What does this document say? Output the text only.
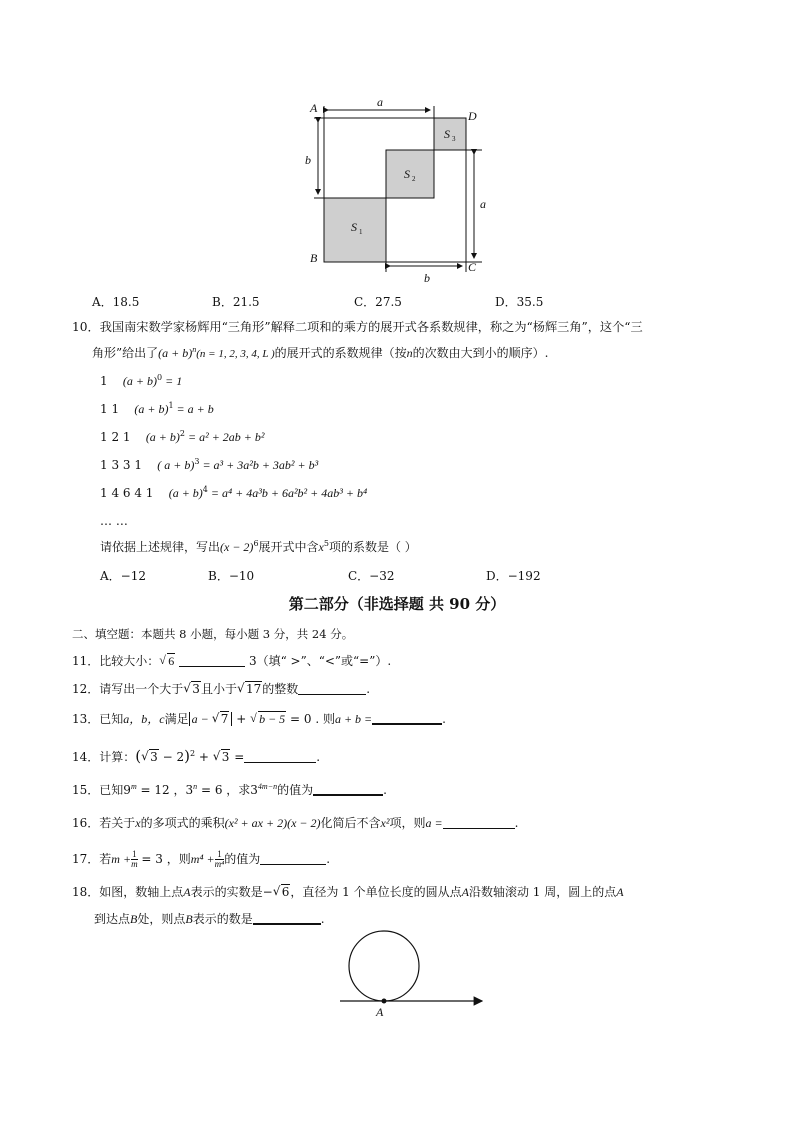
a
b
a
b
A
B
C
D
S 1
S 2
S 3
A．18.5	B．21.5	C．27.5	D．35.5
10．我国南宋数学家杨辉用“三角形”解释二项和的乘方的展开式各系数规律，称之为“杨辉三角”，这个“三
角形”给出了$(a + b)^n(n = 1$, 2, 3, 4, L )的展开式的系数规律（按n的次数由大到小的顺序）.
1 $(a + b)^0 = 1$
1 1 $(a + b)^1 = a + b$
1 2 1 $(a + b)^2 = a^2 + 2ab + b^2$
1 3 3 1 ( a + b)$^3$ = a³ + 3a²b + 3ab² + b³
1 4 6 4 1 $(a + b)^4 = a^4 + 4a^3b + 6a^2b^2 + 4ab^3 + b^4$
… …
请依据上述规律，写出$(x - 2)^6$展开式中含$x^5$项的系数是（ ）
A．−12	B．−10	C．−32	D．−192
第二部分（非选择题 共 90 分）
二、填空题：本题共 8 小题，每小题 3 分，共 24 分。
11．比较大小： √ 6	3（填“ >”、“<”或“=”）.
12．请写出一个大于 √ 3且小于 √ 17的整数	.
13．已知a，b，c满足 a − √ 7 + √ b − 5 = 0 . 则a + b =	.
14．计算：( √ 3 − 2)$^2$ + √ 3 =	.
15．已知$9^m = 12$ ，$3^n = 6$ ，求$3^{4m-n}$的值为	.
16．若关于x的多项式的乘积(x² + ax + 2)(x − 2)化简后不含x²项，则a =	.
17．若$m + \frac{1}{m} = 3$ ，则$m^4 + \frac{1}{\text{m⁴}}$ 的值为	.
18．如图，数轴上点A表示的实数是− √ 6，直径为 1 个单位长度的圆从点A沿数轴滚动 1 周，圆上的点A
到达点B处，则点B表示的数是	.
A
